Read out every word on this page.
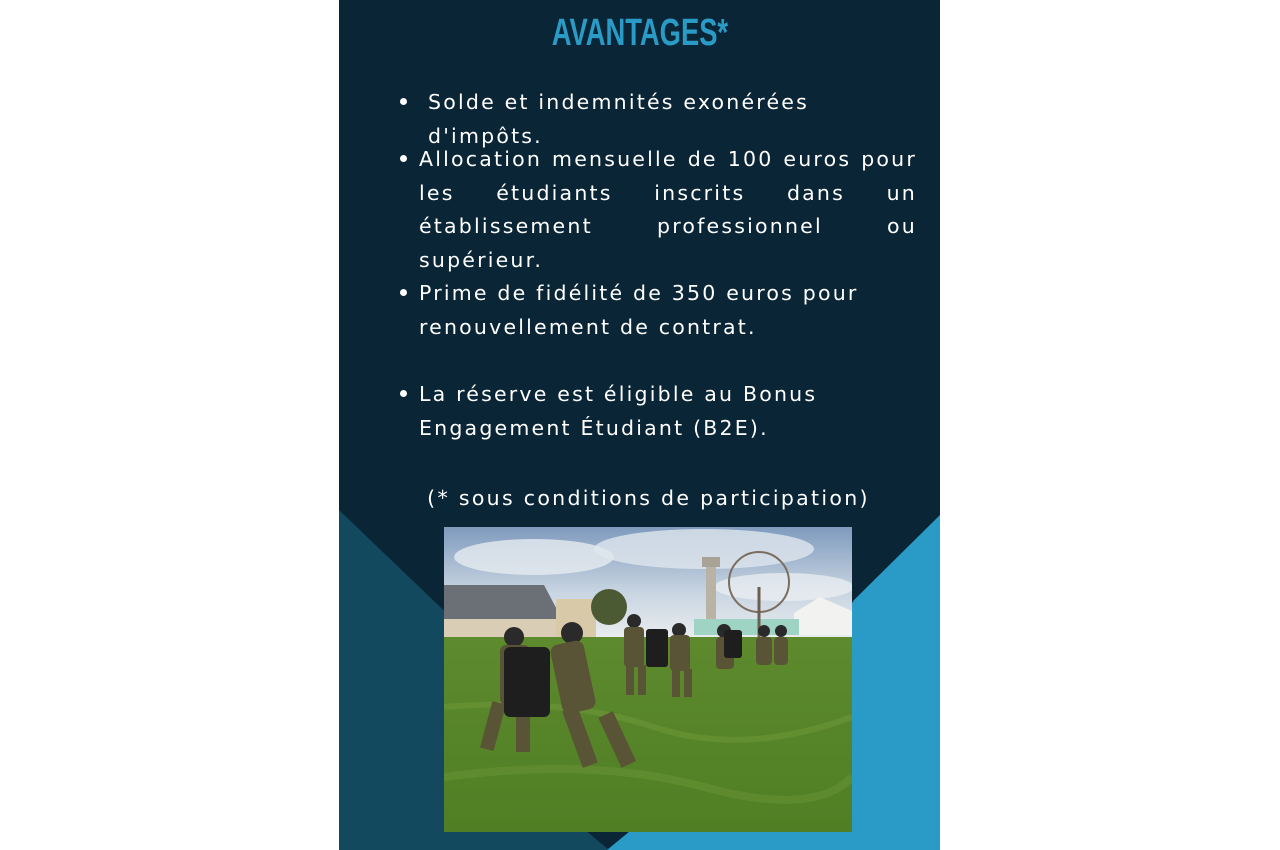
AVANTAGES*
Solde et indemnités exonérées d'impôts.
Allocation mensuelle de 100 euros pour les étudiants inscrits dans un établissement professionnel ou supérieur.
Prime de fidélité de 350 euros pour renouvellement de contrat.
La réserve est éligible au Bonus Engagement Étudiant (B2E).
(* sous conditions de participation)
